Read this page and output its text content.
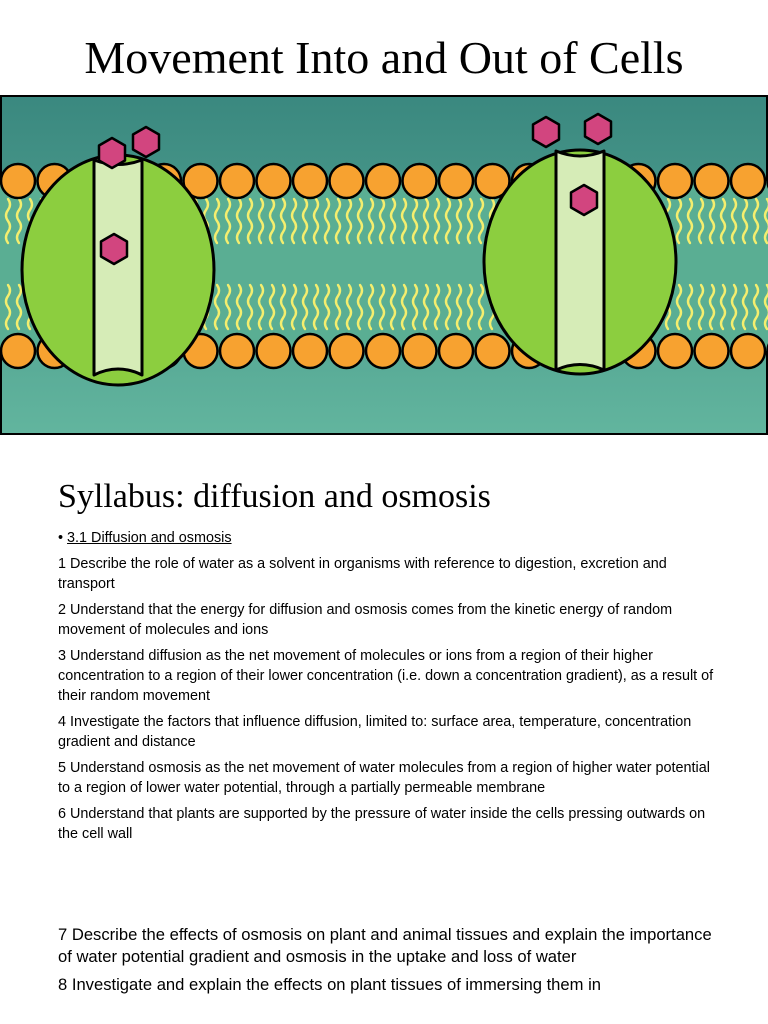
Movement Into and Out of Cells
Syllabus: diffusion and osmosis

• 3.1 Diffusion and osmosis

1 Describe the role of water as a solvent in organisms with reference to digestion, excretion and transport

2 Understand that the energy for diffusion and osmosis comes from the kinetic energy of random movement of molecules and ions

3 Understand diffusion as the net movement of molecules or ions from a region of their higher concentration to a region of their lower concentration (i.e. down a concentration gradient), as a result of their random movement

4 Investigate the factors that influence diffusion, limited to: surface area, temperature, concentration gradient and distance

5 Understand osmosis as the net movement of water molecules from a region of higher water potential to a region of lower water potential, through a partially permeable membrane

6 Understand that plants are supported by the pressure of water inside the cells pressing outwards on the cell wall

7 Describe the effects of osmosis on plant and animal tissues and explain the importance of water potential gradient and osmosis in the uptake and loss of water

8 Investigate and explain the effects on plant tissues of immersing them in
